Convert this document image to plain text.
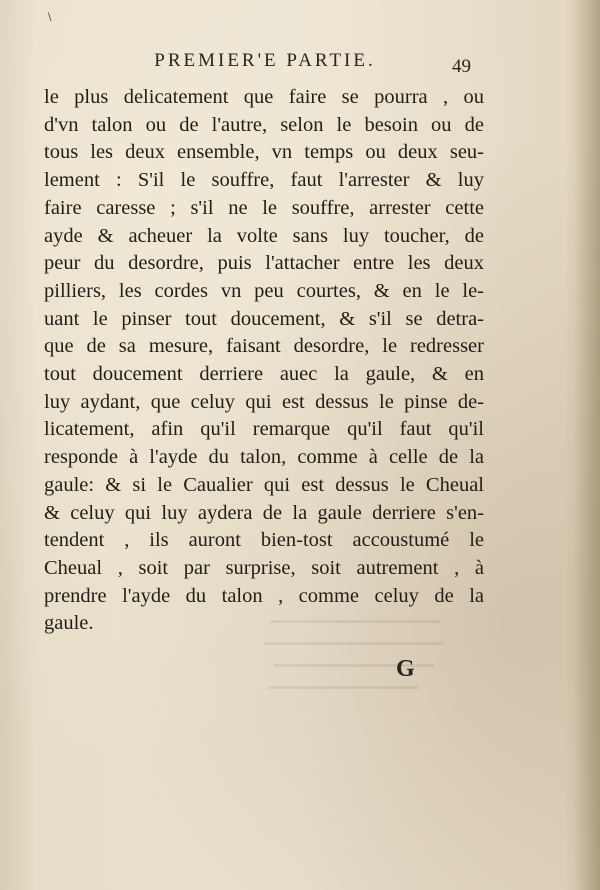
\
PREMIER'E PARTIE.	49
le plus delicatement que faire se pourra , ou
d'vn talon ou de l'autre, selon le besoin ou de
tous les deux ensemble, vn temps ou deux seu-
lement : S'il le souffre, faut l'arrester & luy
faire caresse ; s'il ne le souffre, arrester cette
ayde & acheuer la volte sans luy toucher, de
peur du desordre, puis l'attacher entre les deux
pilliers, les cordes vn peu courtes, & en le le-
uant le pinser tout doucement, & s'il se detra-
que de sa mesure, faisant desordre, le redresser
tout doucement derriere auec la gaule, & en
luy aydant, que celuy qui est dessus le pinse de-
licatement, afin qu'il remarque qu'il faut qu'il
responde à l'ayde du talon, comme à celle de la
gaule: & si le Caualier qui est dessus le Cheual
& celuy qui luy aydera de la gaule derriere s'en-
tendent , ils auront bien-tost accoustumé le
Cheual , soit par surprise, soit autrement , à
prendre l'ayde du talon , comme celuy de la
gaule.
G
